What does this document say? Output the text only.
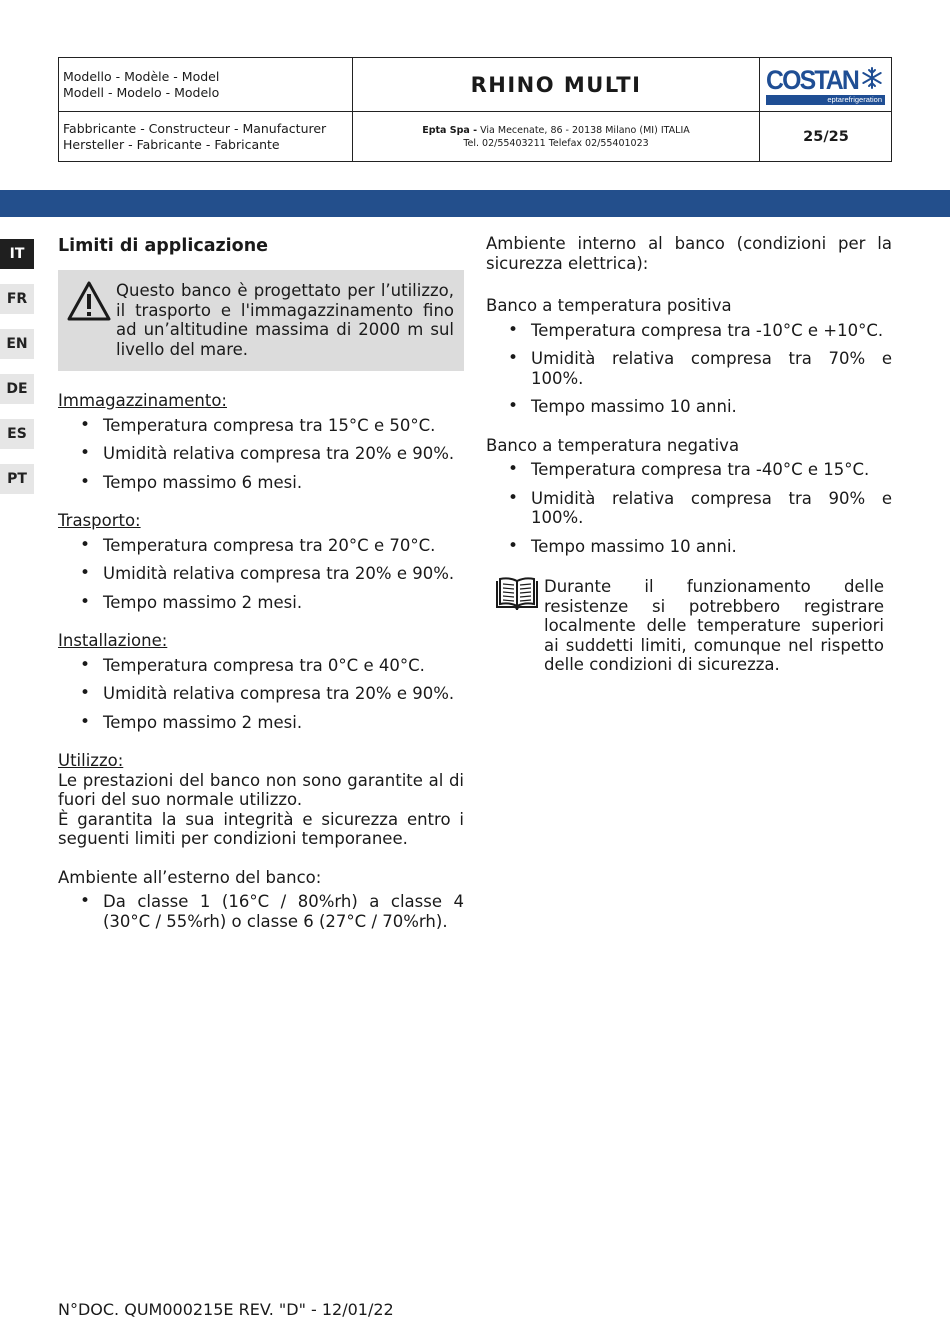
Modello - Modèle - Model
Modell - Modelo - Modelo	RHINO MULTI	COSTAN
eptarefrigeration
Fabbricante - Constructeur - Manufacturer
Hersteller - Fabricante - Fabricante
Epta Spa - Via Mecenate, 86 - 20138 Milano (MI) ITALIA
Tel. 02/55403211 Telefax 02/55401023	25/25
IT
FR
EN
DE
ES
PT
Limiti di applicazione
Questo banco è progettato per l’utilizzo, il trasporto e l'immagazzinamento fino ad un’altitudine massima di 2000 m sul livello del mare.
Immagazzinamento:
• Temperatura compresa tra 15°C e 50°C.
• Umidità relativa compresa tra 20% e 90%.
• Tempo massimo 6 mesi.
Trasporto:
• Temperatura compresa tra 20°C e 70°C.
• Umidità relativa compresa tra 20% e 90%.
• Tempo massimo 2 mesi.
Installazione:
• Temperatura compresa tra 0°C e 40°C.
• Umidità relativa compresa tra 20% e 90%.
• Tempo massimo 2 mesi.
Utilizzo:
Le prestazioni del banco non sono garantite al di fuori del suo normale utilizzo.
È garantita la sua integrità e sicurezza entro i seguenti limiti per condizioni temporanee.
Ambiente all’esterno del banco:
• Da classe 1 (16°C / 80%rh) a classe 4 (30°C / 55%rh) o classe 6 (27°C / 70%rh).
Ambiente interno al banco (condizioni per la sicurezza elettrica):
Banco a temperatura positiva
• Temperatura compresa tra -10°C e +10°C.
• Umidità relativa compresa tra 70% e 100%.
• Tempo massimo 10 anni.
Banco a temperatura negativa
• Temperatura compresa tra -40°C e 15°C.
• Umidità relativa compresa tra 90% e 100%.
• Tempo massimo 10 anni.
Durante il funzionamento delle resistenze si potrebbero registrare localmente delle temperature superiori ai suddetti limiti, comunque nel rispetto delle condizioni di sicurezza.
N°DOC. QUM000215E REV. "D" - 12/01/22
